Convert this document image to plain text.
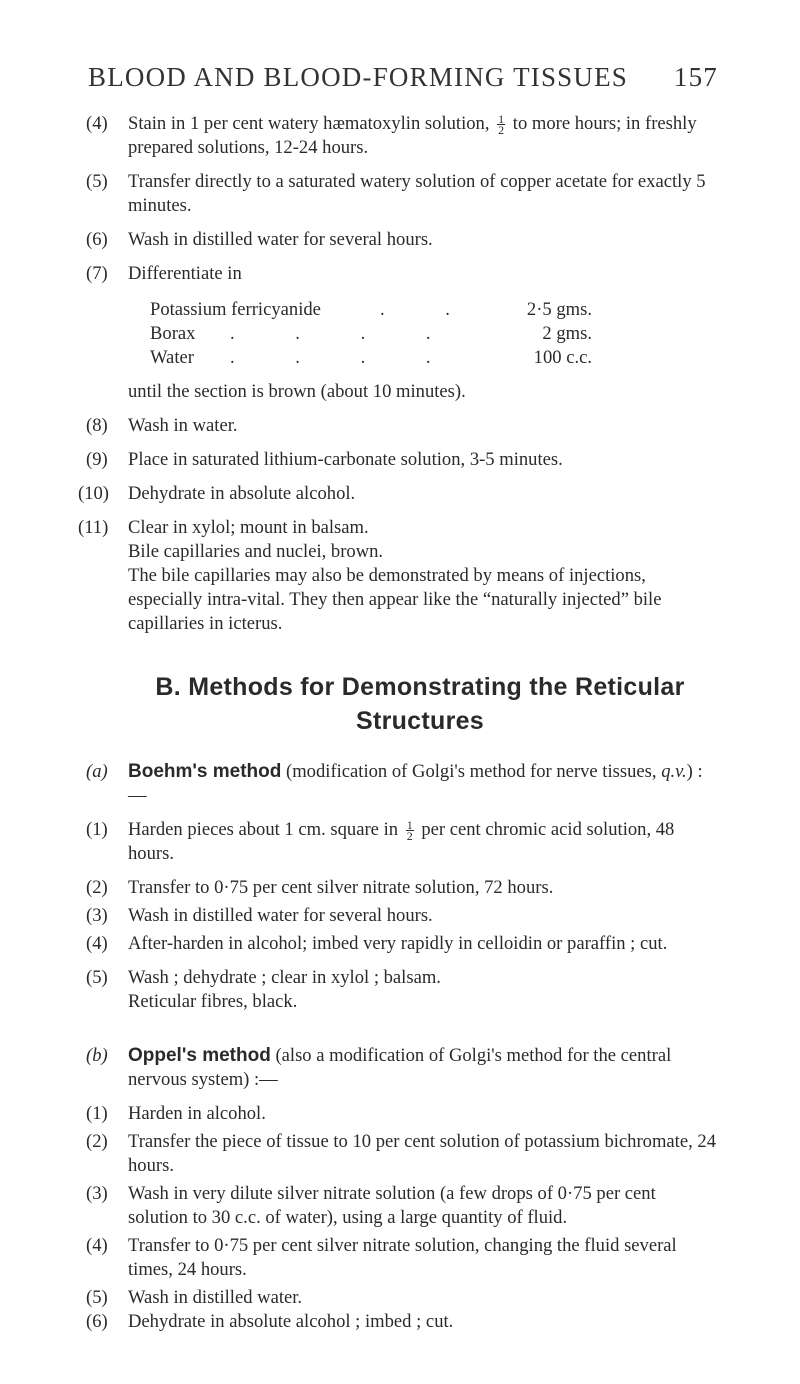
BLOOD AND BLOOD-FORMING TISSUES 157

(4)	Stain in 1 per cent watery hæmatoxylin solution, $\frac{1}{2}$ to more hours; in freshly prepared solutions, 12-24 hours.

(5)	Transfer directly to a saturated watery solution of copper acetate for exactly 5 minutes.

(6)	Wash in distilled water for several hours.

(7)	Differentiate in

Potassium ferricyanide	. .	2·5 gms.
Borax . . . .	2 gms.
Water . . . .	100 c.c.

until the section is brown (about 10 minutes).

(8)	Wash in water.

(9)	Place in saturated lithium-carbonate solution, 3-5 minutes.

(10)	Dehydrate in absolute alcohol.

(11)	Clear in xylol; mount in balsam.

Bile capillaries and nuclei, brown.

The bile capillaries may also be demonstrated by means of injections, especially intra-vital. They then appear like the “naturally injected” bile capillaries in icterus.

B. Methods for Demonstrating the Reticular
Structures

(a) Boehm's method (modification of Golgi's method for nerve tissues, q.v.) :—

(1)	Harden pieces about 1 cm. square in $\frac{1}{2}$ per cent chromic acid solution, 48 hours.

(2)	Transfer to 0·75 per cent silver nitrate solution, 72 hours.

(3)	Wash in distilled water for several hours.

(4)	After-harden in alcohol; imbed very rapidly in celloidin or paraffin ; cut.

(5)	Wash ; dehydrate ; clear in xylol ; balsam.

Reticular fibres, black.

(b) Oppel's method (also a modification of Golgi's method for the central nervous system) :—

(1)	Harden in alcohol.

(2)	Transfer the piece of tissue to 10 per cent solution of potassium bichromate, 24 hours.

(3)	Wash in very dilute silver nitrate solution (a few drops of 0·75 per cent solution to 30 c.c. of water), using a large quantity of fluid.

(4)	Transfer to 0·75 per cent silver nitrate solution, changing the fluid several times, 24 hours.

(5)	Wash in distilled water.

(6)	Dehydrate in absolute alcohol ; imbed ; cut.
